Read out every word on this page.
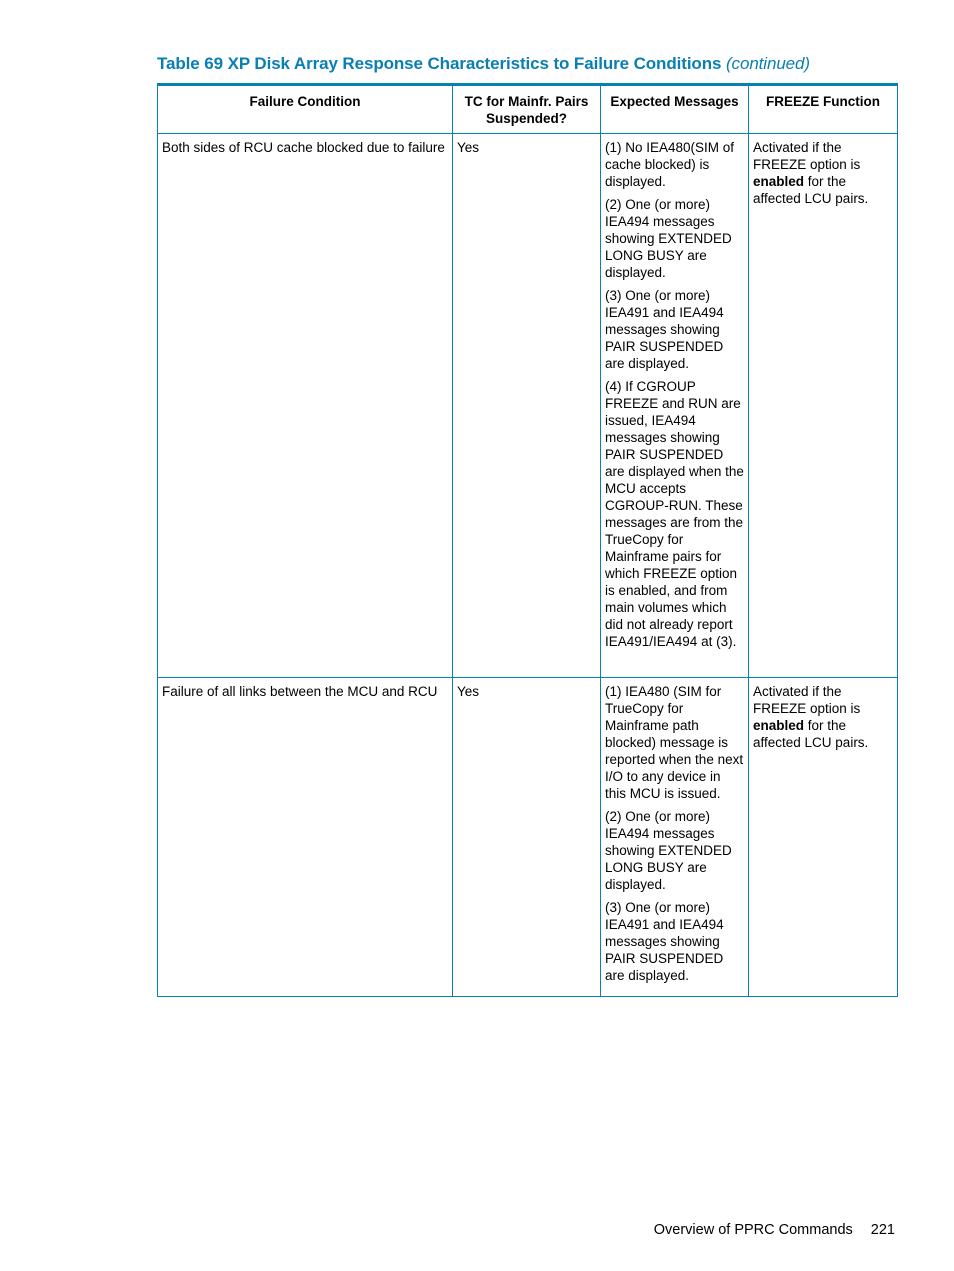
Table 69 XP Disk Array Response Characteristics to Failure Conditions (continued)
Failure Condition	TC for Mainfr. Pairs Suspended?	Expected Messages	FREEZE Function
Both sides of RCU cache blocked due to failure	Yes	(1) No IEA480(SIM of cache blocked) is displayed.

(2) One (or more) IEA494 messages showing EXTENDED LONG BUSY are displayed.

(3) One (or more) IEA491 and IEA494 messages showing PAIR SUSPENDED are displayed.

(4) If CGROUP FREEZE and RUN are issued, IEA494 messages showing PAIR SUSPENDED are displayed when the MCU accepts CGROUP-RUN. These messages are from the TrueCopy for Mainframe pairs for which FREEZE option is enabled, and from main volumes which did not already report IEA491/IEA494 at (3).	Activated if the FREEZE option is enabled for the affected LCU pairs.
Failure of all links between the MCU and RCU	Yes	(1) IEA480 (SIM for TrueCopy for Mainframe path blocked) message is reported when the next I/O to any device in this MCU is issued.

(2) One (or more) IEA494 messages showing EXTENDED LONG BUSY are displayed.

(3) One (or more) IEA491 and IEA494 messages showing PAIR SUSPENDED are displayed.	Activated if the FREEZE option is enabled for the affected LCU pairs.
Overview of PPRC Commands 221
